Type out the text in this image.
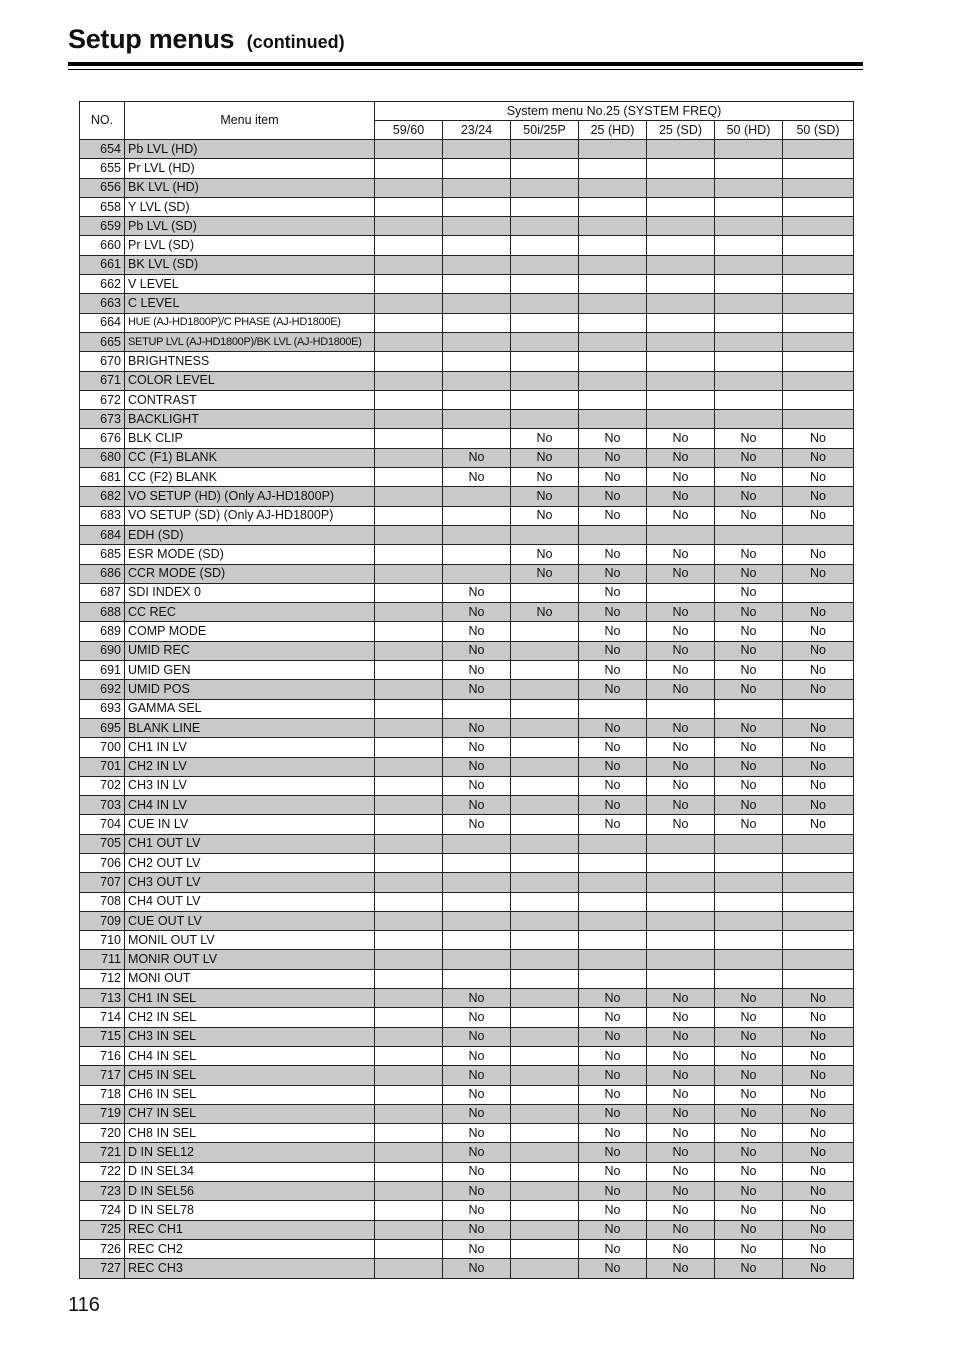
Setup menus (continued)
NO.	Menu item	System menu No.25 (SYSTEM FREQ)						
		59/60	23/24	50i/25P	25 (HD)	25 (SD)	50 (HD)	50 (SD)
654	Pb LVL (HD)							
655	Pr LVL (HD)							
656	BK LVL (HD)							
658	Y LVL (SD)							
659	Pb LVL (SD)							
660	Pr LVL (SD)							
661	BK LVL (SD)							
662	V LEVEL							
663	C LEVEL							
664	HUE (AJ-HD1800P)/C PHASE (AJ-HD1800E)							
665	SETUP LVL (AJ-HD1800P)/BK LVL (AJ-HD1800E)							
670	BRIGHTNESS							
671	COLOR LEVEL							
672	CONTRAST							
673	BACKLIGHT							
676	BLK CLIP			No	No	No	No	No
680	CC (F1) BLANK		No	No	No	No	No	No
681	CC (F2) BLANK		No	No	No	No	No	No
682	VO SETUP (HD) (Only AJ-HD1800P)			No	No	No	No	No
683	VO SETUP (SD) (Only AJ-HD1800P)			No	No	No	No	No
684	EDH (SD)							
685	ESR MODE (SD)			No	No	No	No	No
686	CCR MODE (SD)			No	No	No	No	No
687	SDI INDEX 0		No		No		No	
688	CC REC		No	No	No	No	No	No
689	COMP MODE		No		No	No	No	No
690	UMID REC		No		No	No	No	No
691	UMID GEN		No		No	No	No	No
692	UMID POS		No		No	No	No	No
693	GAMMA SEL							
695	BLANK LINE		No		No	No	No	No
700	CH1 IN LV		No		No	No	No	No
701	CH2 IN LV		No		No	No	No	No
702	CH3 IN LV		No		No	No	No	No
703	CH4 IN LV		No		No	No	No	No
704	CUE IN LV		No		No	No	No	No
705	CH1 OUT LV							
706	CH2 OUT LV							
707	CH3 OUT LV							
708	CH4 OUT LV							
709	CUE OUT LV							
710	MONIL OUT LV							
711	MONIR OUT LV							
712	MONI OUT							
713	CH1 IN SEL		No		No	No	No	No
714	CH2 IN SEL		No		No	No	No	No
715	CH3 IN SEL		No		No	No	No	No
716	CH4 IN SEL		No		No	No	No	No
717	CH5 IN SEL		No		No	No	No	No
718	CH6 IN SEL		No		No	No	No	No
719	CH7 IN SEL		No		No	No	No	No
720	CH8 IN SEL		No		No	No	No	No
721	D IN SEL12		No		No	No	No	No
722	D IN SEL34		No		No	No	No	No
723	D IN SEL56		No		No	No	No	No
724	D IN SEL78		No		No	No	No	No
725	REC CH1		No		No	No	No	No
726	REC CH2		No		No	No	No	No
727	REC CH3		No		No	No	No	No
116
